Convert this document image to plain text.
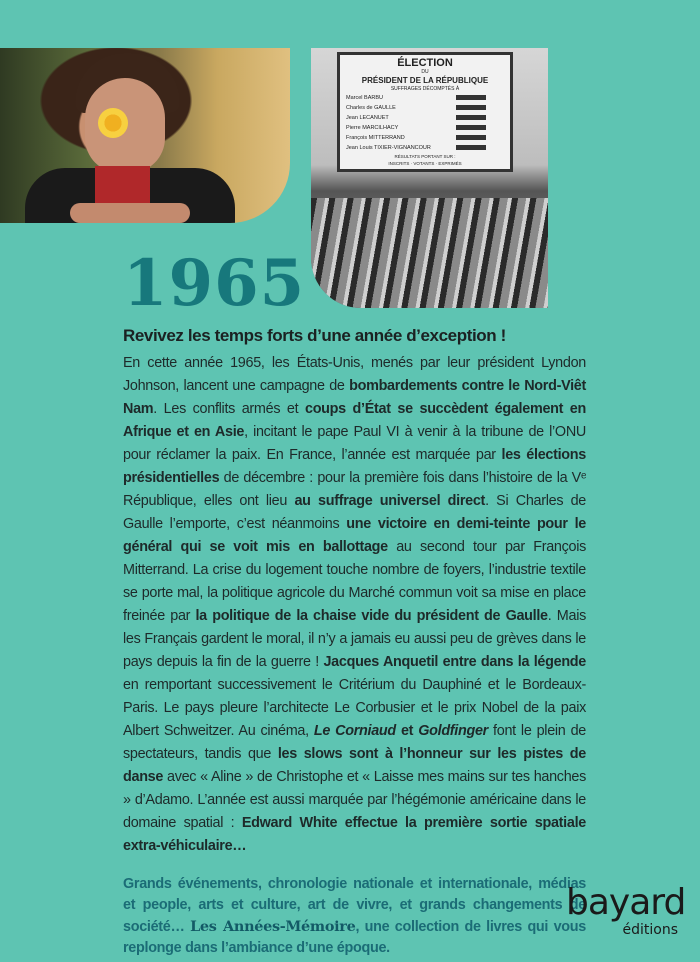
ÉLECTION
DU
PRÉSIDENT DE LA RÉPUBLIQUE
SUFFRAGES DÉCOMPTÉS À
Marcel BARBU
Charles de GAULLE
Jean LECANUET
Pierre MARCILHACY
François MITTERRAND
Jean Louis TIXIER-VIGNANCOUR
RÉSULTATS PORTANT SUR :
INSCRITS · VOTANTS · EXPRIMÉS
1965
Revivez les temps forts d’une année d’exception !
En cette année 1965, les États-Unis, menés par leur président Lyndon Johnson, lancent une campagne de bombardements contre le Nord-Viêt Nam. Les conflits armés et coups d’État se succèdent également en Afrique et en Asie, incitant le pape Paul VI à venir à la tribune de l’ONU pour réclamer la paix. En France, l’année est marquée par les élections présidentielles de décembre : pour la première fois dans l’histoire de la Vᵉ République, elles ont lieu au suffrage universel direct. Si Charles de Gaulle l’emporte, c’est néanmoins une victoire en demi-teinte pour le général qui se voit mis en ballottage au second tour par François Mitterrand. La crise du logement touche nombre de foyers, l’industrie textile se porte mal, la politique agricole du Marché commun voit sa mise en place freinée par la politique de la chaise vide du président de Gaulle. Mais les Français gardent le moral, il n’y a jamais eu aussi peu de grèves dans le pays depuis la fin de la guerre ! Jacques Anquetil entre dans la légende en remportant successivement le Critérium du Dauphiné et le Bordeaux-Paris. Le pays pleure l’architecte Le Corbusier et le prix Nobel de la paix Albert Schweitzer. Au cinéma, Le Corniaud et Goldfinger font le plein de spectateurs, tandis que les slows sont à l’honneur sur les pistes de danse avec « Aline » de Christophe et « Laisse mes mains sur tes hanches » d’Adamo. L’année est aussi marquée par l’hégémonie américaine dans le domaine spatial : Edward White effectue la première sortie spatiale extra-véhiculaire…
Grands événements, chronologie nationale et internationale, médias et people, arts et culture, art de vivre, et grands changements de société… Les Années-Mémoire, une collection de livres qui vous replonge dans l’ambiance d’une époque.
bayard
éditions
